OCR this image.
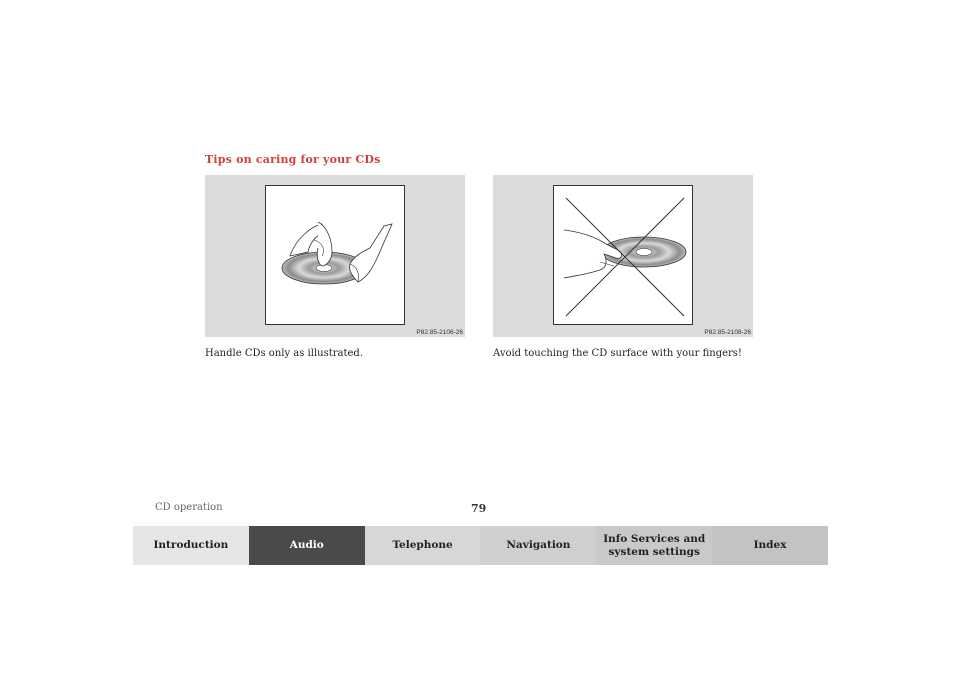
Tips on caring for your CDs
P82.85-2106-26	P82.85-2108-26
Handle CDs only as illustrated.	Avoid touching the CD surface with your fingers!
CD operation	79
Introduction	Audio	Telephone	Navigation
Info Services and
system settings
Index
